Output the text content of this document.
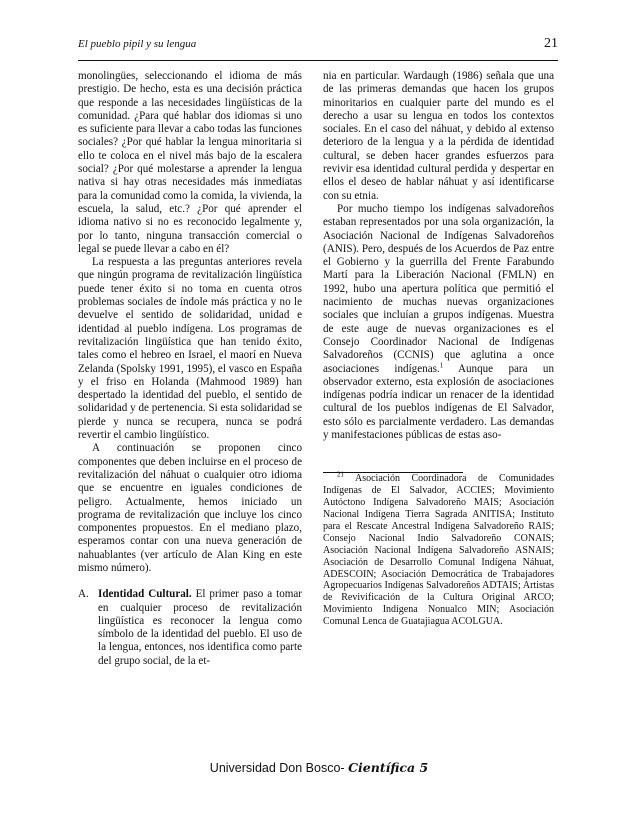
El pueblo pipil y su lengua	21

monolingües, seleccionando el idioma de más prestigio. De hecho, esta es una decisión práctica que responde a las necesidades lingüísticas de la comunidad. ¿Para qué hablar dos idiomas si uno es suficiente para llevar a cabo todas las funciones sociales? ¿Por qué hablar la lengua minoritaria si ello te coloca en el nivel más bajo de la escalera social? ¿Por qué molestarse a aprender la lengua nativa si hay otras necesidades más inmediatas para la comunidad como la comida, la vivienda, la escuela, la salud, etc.? ¿Por qué aprender el idioma nativo si no es reconocido legalmente y, por lo tanto, ninguna transacción comercial o legal se puede llevar a cabo en él?

La respuesta a las preguntas anteriores revela que ningún programa de revitalización lingüística puede tener éxito si no toma en cuenta otros problemas sociales de índole más práctica y no le devuelve el sentido de solidaridad, unidad e identidad al pueblo indígena. Los programas de revitalización lingüística que han tenido éxito, tales como el hebreo en Israel, el maorí en Nueva Zelanda (Spolsky 1991, 1995), el vasco en España y el friso en Holanda (Mahmood 1989) han despertado la identidad del pueblo, el sentido de solidaridad y de pertenencia. Si esta solidaridad se pierde y nunca se recupera, nunca se podrá revertir el cambio lingüístico.

A continuación se proponen cinco componentes que deben incluirse en el proceso de revitalización del náhuat o cualquier otro idioma que se encuentre en iguales condiciones de peligro. Actualmente, hemos iniciado un programa de revitalización que incluye los cinco componentes propuestos. En el mediano plazo, esperamos contar con una nueva generación de nahuablantes (ver artículo de Alan King en este mismo número).

A. Identidad Cultural. El primer paso a tomar en cualquier proceso de revitalización lingüística es reconocer la lengua como símbolo de la identidad del pueblo. El uso de la lengua, entonces, nos identifica como parte del grupo social, de la et-

nia en particular. Wardaugh (1986) señala que una de las primeras demandas que hacen los grupos minoritarios en cualquier parte del mundo es el derecho a usar su lengua en todos los contextos sociales. En el caso del náhuat, y debido al extenso deterioro de la lengua y a la pérdida de identidad cultural, se deben hacer grandes esfuerzos para revivir esa identidad cultural perdida y despertar en ellos el deseo de hablar náhuat y así identificarse con su etnia.

Por mucho tiempo los indígenas salvadoreños estaban representados por una sola organización, la Asociación Nacional de Indígenas Salvadoreños (ANIS). Pero, después de los Acuerdos de Paz entre el Gobierno y la guerrilla del Frente Farabundo Martí para la Liberación Nacional (FMLN) en 1992, hubo una apertura política que permitió el nacimiento de muchas nuevas organizaciones sociales que incluían a grupos indígenas. Muestra de este auge de nuevas organizaciones es el Consejo Coordinador Nacional de Indígenas Salvadoreños (CCNIS) que aglutina a once asociaciones indígenas.$^1$ Aunque para un observador externo, esta explosión de asociaciones indígenas podría indicar un renacer de la identidad cultural de los pueblos indígenas de El Salvador, esto sólo es parcialmente verdadero. Las demandas y manifestaciones públicas de estas aso-

$^{21}$ Asociación Coordinadora de Comunidades Indígenas de El Salvador, ACCIES; Movimiento Autóctono Indígena Salvadoreño MAIS; Asociación Nacional Indígena Tierra Sagrada ANITISA; Instituto para el Rescate Ancestral Indígena Salvadoreño RAIS; Consejo Nacional Indio Salvadoreño CONAIS; Asociación Nacional Indígena Salvadoreño ASNAIS; Asociación de Desarrollo Comunal Indígena Náhuat, ADESCOIN; Asociación Democrática de Trabajadores Agropecuarios Indígenas Salvadoreños ADTAIS; Artistas de Revivificación de la Cultura Original ARCO; Movimiento Indígena Nonualco MIN; Asociación Comunal Lenca de Guatajiagua ACOLGUA.

Universidad Don Bosco- Científica 5
